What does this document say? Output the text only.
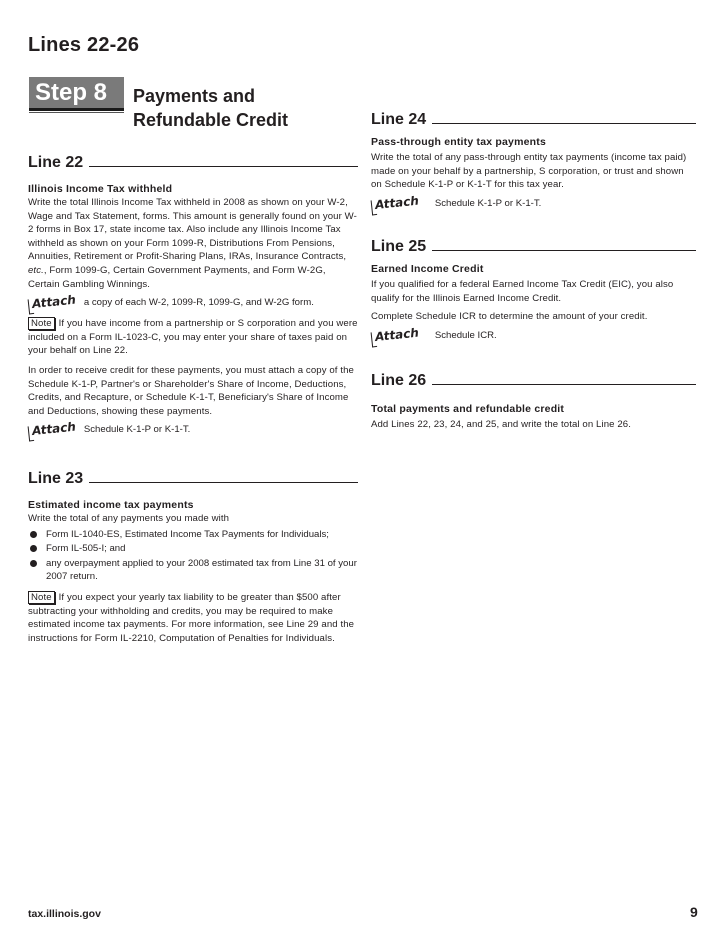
Lines 22-26
Step 8	Payments and
Refundable Credit
Line 22
Illinois Income Tax withheld

Write the total Illinois Income Tax withheld in 2008 as shown on your W-2, Wage and Tax Statement, forms. This amount is generally found on your W-2 forms in Box 17, state income tax. Also include any Illinois Income Tax withheld as shown on your Form 1099-R, Distributions From Pensions, Annuities, Retirement or Profit-Sharing Plans, IRAs, Insurance Contracts, etc., Form 1099-G, Certain Government Payments, and Form W-2G, Certain Gambling Winnings.

Attach a copy of each W-2, 1099-R, 1099-G, and W-2G form.

Note If you have income from a partnership or S corporation and you were included on a Form IL-1023-C, you may enter your share of taxes paid on your behalf on Line 22.

In order to receive credit for these payments, you must attach a copy of the Schedule K-1-P, Partner's or Shareholder's Share of Income, Deductions, Credits, and Recapture, or Schedule K-1-T, Beneficiary's Share of Income and Deductions, showing these payments.

Attach Schedule K-1-P or K-1-T.
Line 23
Estimated income tax payments

Write the total of any payments you made with

Form IL-1040-ES, Estimated Income Tax Payments for Individuals;
Form IL-505-I; and
any overpayment applied to your 2008 estimated tax from Line 31 of your 2007 return.

Note If you expect your yearly tax liability to be greater than $500 after subtracting your withholding and credits, you may be required to make estimated income tax payments. For more information, see Line 29 and the instructions for Form IL-2210, Computation of Penalties for Individuals.

Line 24
Pass-through entity tax payments

Write the total of any pass-through entity tax payments (income tax paid) made on your behalf by a partnership, S corporation, or trust and shown on Schedule K-1-P or K-1-T for this tax year.

Attach Schedule K-1-P or K-1-T.
Line 25
Earned Income Credit

If you qualified for a federal Earned Income Tax Credit (EIC), you also qualify for the Illinois Earned Income Credit.

Complete Schedule ICR to determine the amount of your credit.

Attach Schedule ICR.
Line 26
Total payments and refundable credit

Add Lines 22, 23, 24, and 25, and write the total on Line 26.

tax.illinois.gov	9
